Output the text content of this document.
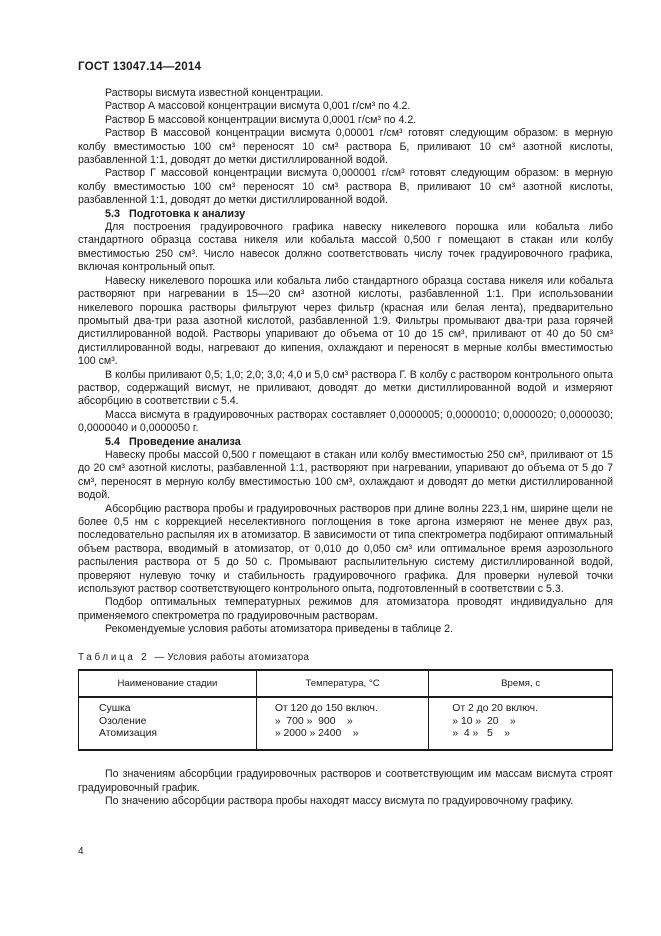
ГОСТ 13047.14—2014

Растворы висмута известной концентрации.

Раствор А массовой концентрации висмута 0,001 г/см³ по 4.2.

Раствор Б массовой концентрации висмута 0,0001 г/см³ по 4.2.

Раствор В массовой концентрации висмута 0,00001 г/см³ готовят следующим образом: в мерную колбу вместимостью 100 см³ переносят 10 см³ раствора Б, приливают 10 см³ азотной кислоты, разбавленной 1:1, доводят до метки дистиллированной водой.

Раствор Г массовой концентрации висмута 0,000001 г/см³ готовят следующим образом: в мерную колбу вместимостью 100 см³ переносят 10 см³ раствора В, приливают 10 см³ азотной кислоты, разбавленной 1:1, доводят до метки дистиллированной водой.

5.3 Подготовка к анализу

Для построения градуировочного графика навеску никелевого порошка или кобальта либо стандартного образца состава никеля или кобальта массой 0,500 г помещают в стакан или колбу вместимостью 250 см³. Число навесок должно соответствовать числу точек градуировочного графика, включая контрольный опыт.

Навеску никелевого порошка или кобальта либо стандартного образца состава никеля или кобальта растворяют при нагревании в 15—20 см³ азотной кислоты, разбавленной 1:1. При использовании никелевого порошка растворы фильтруют через фильтр (красная или белая лента), предварительно промытый два-три раза азотной кислотой, разбавленной 1:9. Фильтры промывают два-три раза горячей дистиллированной водой. Растворы упаривают до объема от 10 до 15 см³, приливают от 40 до 50 см³ дистиллированной воды, нагревают до кипения, охлаждают и переносят в мерные колбы вместимостью 100 см³.

В колбы приливают 0,5; 1,0; 2,0; 3,0; 4,0 и 5,0 см³ раствора Г. В колбу с раствором контрольного опыта раствор, содержащий висмут, не приливают, доводят до метки дистиллированной водой и измеряют абсорбцию в соответствии с 5.4.

Масса висмута в градуировочных растворах составляет 0,0000005; 0,0000010; 0,0000020; 0,0000030; 0,0000040 и 0,0000050 г.

5.4 Проведение анализа

Навеску пробы массой 0,500 г помещают в стакан или колбу вместимостью 250 см³, приливают от 15 до 20 см³ азотной кислоты, разбавленной 1:1, растворяют при нагревании, упаривают до объема от 5 до 7 см³, переносят в мерную колбу вместимостью 100 см³, охлаждают и доводят до метки дистиллированной водой.

Абсорбцию раствора пробы и градуировочных растворов при длине волны 223,1 нм, ширине щели не более 0,5 нм с коррекцией неселективного поглощения в токе аргона измеряют не менее двух раз, последовательно распыляя их в атомизатор. В зависимости от типа спектрометра подбирают оптимальный объем раствора, вводимый в атомизатор, от 0,010 до 0,050 см³ или оптимальное время аэрозольного распыления раствора от 5 до 50 с. Промывают распылительную систему дистиллированной водой, проверяют нулевую точку и стабильность градуировочного графика. Для проверки нулевой точки используют раствор соответствующего контрольного опыта, подготовленный в соответствии с 5.3.

Подбор оптимальных температурных режимов для атомизатора проводят индивидуально для применяемого спектрометра по градуировочным растворам.

Рекомендуемые условия работы атомизатора приведены в таблице 2.

Таблица 2 — Условия работы атомизатора
Наименование стадии	Температура, °С	Время, с
Сушка	От 120 до 150 включ.	От 2 до 20 включ.
Озоление	»  700 »  900    »	» 10 »  20    »
Атомизация	» 2000 » 2400    »	»  4 »   5    »

По значениям абсорбции градуировочных растворов и соответствующим им массам висмута строят градуировочный график.

По значению абсорбции раствора пробы находят массу висмута по градуировочному графику.

4
